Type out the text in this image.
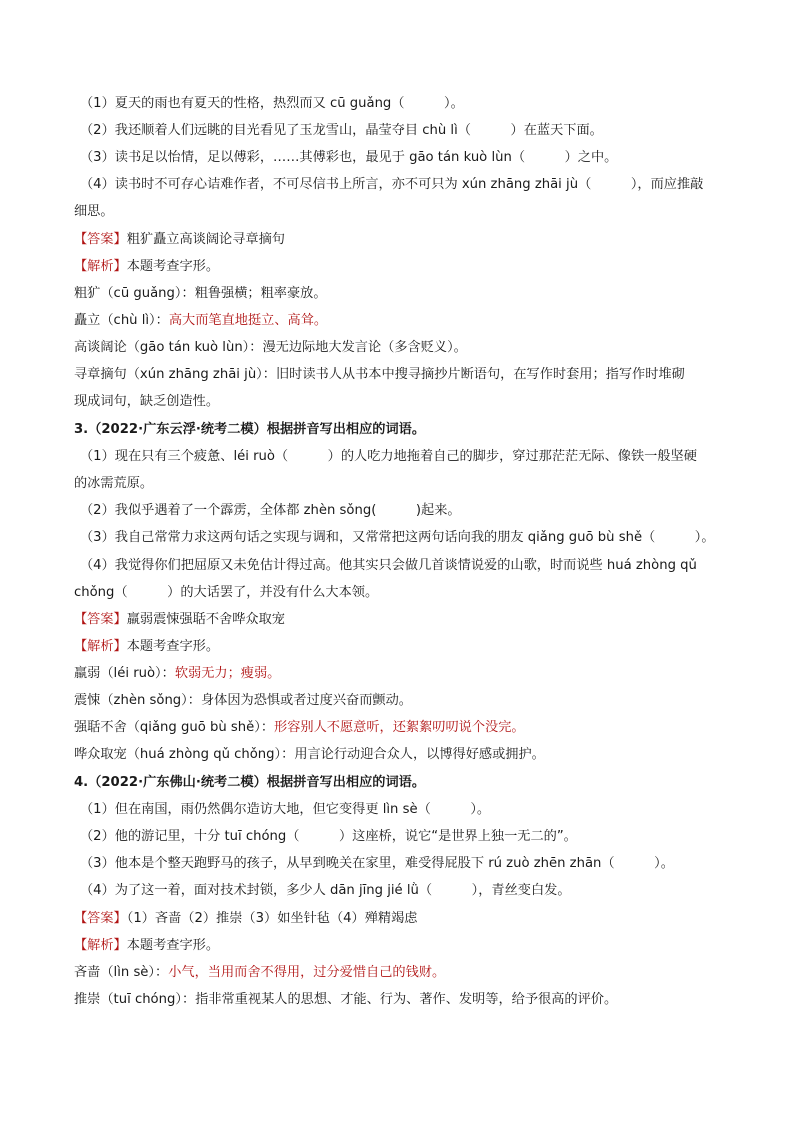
（1）夏天的雨也有夏天的性格，热烈而又 cū guǎng（　　　）。
（2）我还顺着人们远眺的目光看见了玉龙雪山，晶莹夺目 chù lì（　　　）在蓝天下面。
（3）读书足以怡情，足以傅彩，……其傅彩也，最见于 gāo tán kuò lùn（　　　）之中。
（4）读书时不可存心诘难作者，不可尽信书上所言，亦不可只为 xún zhāng zhāi jù（　　　），而应推敲
细思。
【答案】粗犷矗立高谈阔论寻章摘句
【解析】本题考查字形。
粗犷（cū guǎng）：粗鲁强横；粗率豪放。
矗立（chù lì）：高大而笔直地挺立、高耸。
高谈阔论（gāo tán kuò lùn）：漫无边际地大发言论（多含贬义）。
寻章摘句（xún zhāng zhāi jù）：旧时读书人从书本中搜寻摘抄片断语句，在写作时套用；指写作时堆砌
现成词句，缺乏创造性。
3.（2022·广东云浮·统考二模）根据拼音写出相应的词语。
（1）现在只有三个疲惫、léi ruò（　　　）的人吃力地拖着自己的脚步，穿过那茫茫无际、像铁一般坚硬
的冰需荒原。
（2）我似乎遇着了一个霹雳，全体都 zhèn sǒng(　　　)起来。
（3）我自己常常力求这两句话之实现与调和，又常常把这两句话向我的朋友 qiǎng guō bù shě（　　　）。
（4）我觉得你们把屈原又未免估计得过高。他其实只会做几首谈情说爱的山歌，时而说些 huá zhòng qǔ
chǒng（　　　）的大话罢了，并没有什么大本领。
【答案】羸弱震悚强聒不舍哗众取宠
【解析】本题考查字形。
羸弱（léi ruò）：软弱无力；瘦弱。
震悚（zhèn sǒng）：身体因为恐惧或者过度兴奋而颤动。
强聒不舍（qiǎng guō bù shě）：形容别人不愿意听，还絮絮叨叨说个没完。
哗众取宠（huá zhòng qǔ chǒng）：用言论行动迎合众人，以博得好感或拥护。
4.（2022·广东佛山·统考二模）根据拼音写出相应的词语。
（1）但在南国，雨仍然偶尔造访大地，但它变得更 lìn sè（　　　）。
（2）他的游记里，十分 tuī chóng（　　　）这座桥，说它“是世界上独一无二的”。
（3）他本是个整天跑野马的孩子，从早到晚关在家里，难受得屁股下 rú zuò zhēn zhān（　　　）。
（4）为了这一着，面对技术封锁，多少人 dān jīng jié lǜ（　　　），青丝变白发。
【答案】（1）吝啬（2）推崇（3）如坐针毡（4）殚精竭虑
【解析】本题考查字形。
吝啬（lìn sè）：小气，当用而舍不得用，过分爱惜自己的钱财。
推崇（tuī chóng）：指非常重视某人的思想、才能、行为、著作、发明等，给予很高的评价。
